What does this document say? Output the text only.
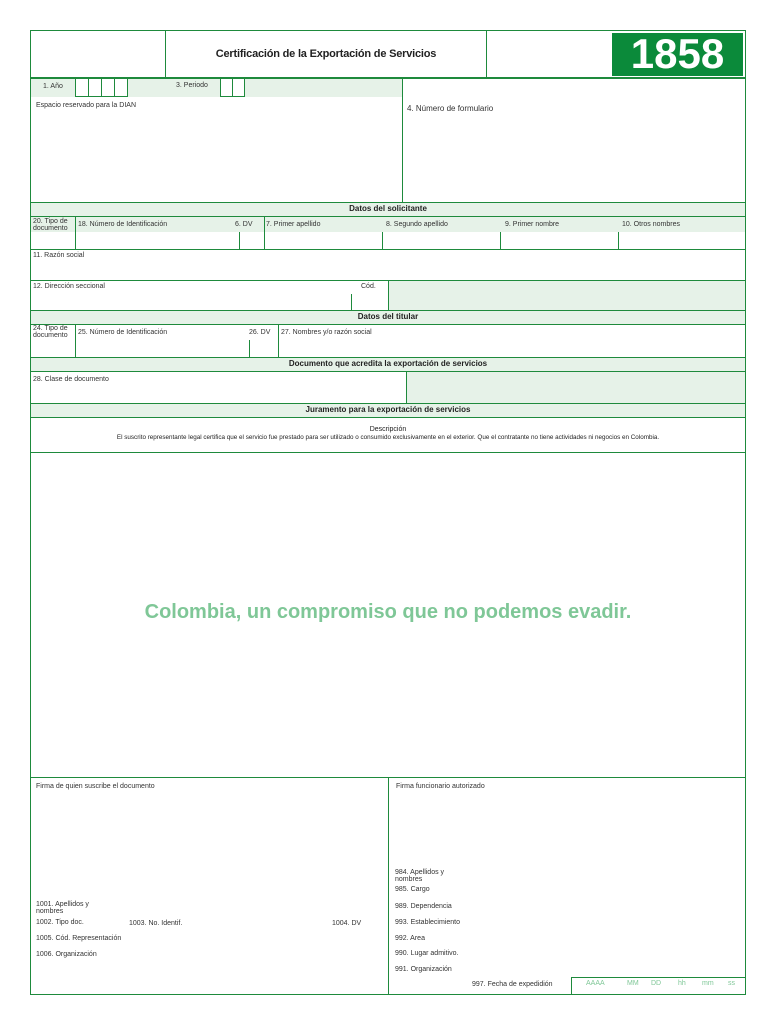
Certificación de la Exportación de Servicios	1858
1. Año	3. Periodo
Espacio reservado para la DIAN	4. Número de formulario
Datos del solicitante
20. Tipo de documento
18. Número de Identificación	6. DV 7. Primer apellido	8. Segundo apellido	9. Primer nombre	10. Otros nombres
11. Razón social
12. Dirección seccional	Cód.
Datos del titular
24. Tipo de documento	25. Número de Identificación	26. DV 27. Nombres y/o razón social
Documento que acredita la exportación de servicios
28. Clase de documento
Juramento para la exportación de servicios
Descripción
El suscrito representante legal certifica que el servicio fue prestado para ser utilizado o consumido exclusivamente en el exterior. Que el contratante no tiene actividades ni negocios en Colombia.
Colombia, un compromiso que no podemos evadir.
Firma de quien suscribe el documento
1001. Apellidos y nombres
1002. Tipo doc.	1003. No. Identif.	1004. DV
1005. Cód. Representación
1006. Organización
Firma funcionario autorizado
984. Apellidos y nombres
985. Cargo
989. Dependencia
993. Establecimiento
992. Area
990. Lugar admitivo.
991. Organización
997. Fecha de expedidión	AAAA	MM DD hh mm ss
